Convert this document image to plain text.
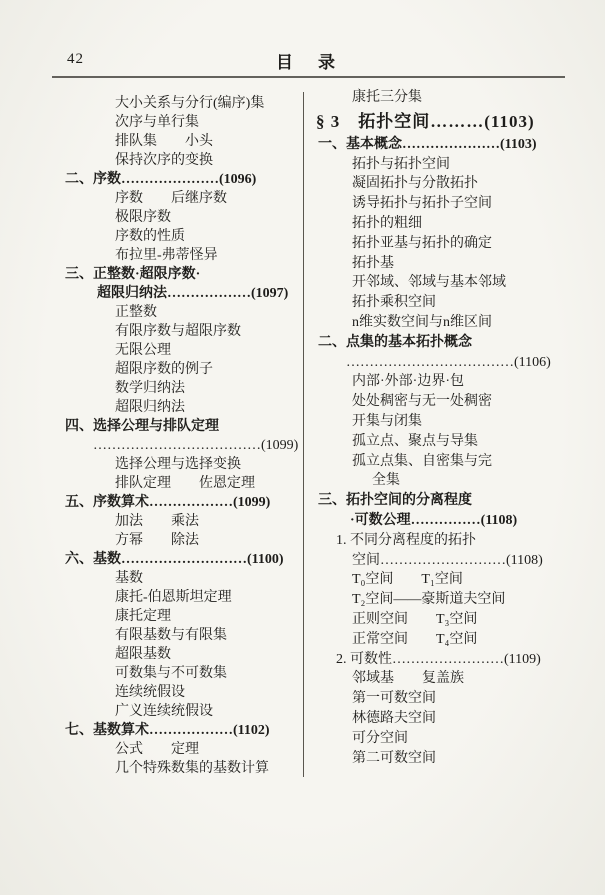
42	目　录
大小关系与分行(编序)集
次序与单行集
排队集　　小头
保持次序的变换
二、序数…………………(1096)
序数　　后继序数
极限序数
序数的性质
布拉里-弗蒂怪异
三、正整数·超限序数·
超限归纳法………………(1097)
正整数
有限序数与超限序数
无限公理
超限序数的例子
数学归纳法
超限归纳法
四、选择公理与排队定理
………………………………(1099)
选择公理与选择变换
排队定理　　佐恩定理
五、序数算术………………(1099)
加法　　乘法
方幂　　除法
六、基数………………………(1100)
基数
康托-伯恩斯坦定理
康托定理
有限基数与有限集
超限基数
可数集与不可数集
连续统假设
广义连续统假设
七、基数算术………………(1102)
公式　　定理
几个特殊数集的基数计算
康托三分集
§ 3　拓扑空间………(1103)
一、基本概念…………………(1103)
拓扑与拓扑空间
凝固拓扑与分散拓扑
诱导拓扑与拓扑子空间
拓扑的粗细
拓扑亚基与拓扑的确定
拓扑基
开邻域、邻域与基本邻域
拓扑乘积空间
n维实数空间与n维区间
二、点集的基本拓扑概念
………………………………(1106)
内部·外部·边界·包
处处稠密与无一处稠密
开集与闭集
孤立点、聚点与导集
孤立点集、自密集与完
全集
三、拓扑空间的分离程度
·可数公理……………(1108)
1. 不同分离程度的拓扑
空间………………………(1108)
T₀空间　　T₁空间
T₂空间——豪斯道夫空间
正则空间　　T₃空间
正常空间　　T₄空间
2. 可数性……………………(1109)
邻域基　　复盖族
第一可数空间
林德路夫空间
可分空间
第二可数空间
